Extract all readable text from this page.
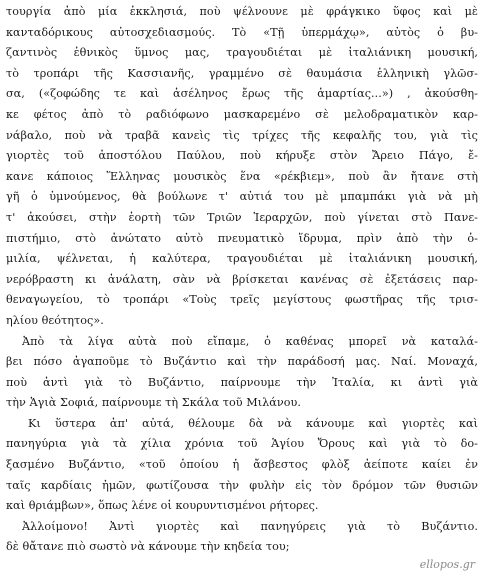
τουργία ἀπὸ μία ἐκκλησιά, ποὺ ψέλνουνε μὲ φράγκικο ὕφος καὶ μὲ
κανταδόρικους αὐτοσχεδιασμούς. Τὸ «Τῇ ὑπερμάχῳ», αὐτὸς ὁ βυ-
ζαντινὸς ἐθνικὸς ὕμνος μας, τραγουδιέται μὲ ἰταλιάνικη μουσική,
τὸ τροπάρι τῆς Κασσιανῆς, γραμμένο σὲ θαυμάσια ἑλληνικὴ γλῶσ-
σα, («ζοφώδης τε καὶ ἀσέληνος ἔρως τῆς ἁμαρτίας...») , ἀκούσθη-
κε φέτος ἀπὸ τὸ ραδιόφωνο μασκαρεμένο σὲ μελοδραματικὸν καρ-
νάβαλο, ποὺ νὰ τραβᾶ κανεὶς τὶς τρίχες τῆς κεφαλῆς του, γιὰ τὶς
γιορτὲς τοῦ ἀποστόλου Παύλου, ποὺ κήρυξε στὸν Ἄρειο Πάγο, ἔ-
κανε κάποιος Ἕλληνας μουσικὸς ἕνα «ρέκβιεμ», ποὺ ἂν ἤτανε στὴ
γῆ ὁ ὑμνούμενος, θὰ βούλωνε τ' αὐτιά του μὲ μπαμπάκι γιὰ νὰ μὴ
τ' ἀκούσει, στὴν ἑορτὴ τῶν Τριῶν Ἱεραρχῶν, ποὺ γίνεται στὸ Πανε-
πιστήμιο, στὸ ἀνώτατο αὐτὸ πνευματικὸ ἵδρυμα, πρὶν ἀπὸ τὴν ὁ-
μιλία, ψέλνεται, ἡ καλύτερα, τραγουδιέται μὲ ἰταλιάνικη μουσική,
νερόβραστη κι ἀνάλατη, σὰν νὰ βρίσκεται κανένας σὲ ἐξετάσεις παρ-
θεναγωγείου, τὸ τροπάρι «Τοὺς τρεῖς μεγίστους φωστῆρας τῆς τρισ-
ηλίου θεότητος».
Ἀπὸ τὰ λίγα αὐτὰ ποὺ εἴπαμε, ὁ καθένας μπορεῖ νὰ καταλά-
βει πόσο ἀγαποῦμε τὸ Βυζάντιο καὶ τὴν παράδοσή μας. Ναί. Μοναχά,
ποὺ ἀντὶ γιὰ τὸ Βυζάντιο, παίρνουμε τὴν Ἰταλία, κι ἀντὶ γιὰ
τὴν Ἁγιὰ Σοφιά, παίρνουμε τὴ Σκάλα τοῦ Μιλάνου.
Κι ὕστερα ἀπ' αὐτά, θέλουμε δὰ νὰ κάνουμε καὶ γιορτὲς καὶ
πανηγύρια γιὰ τὰ χίλια χρόνια τοῦ Ἁγίου Ὄρους καὶ γιὰ τὸ δο-
ξασμένο Βυζάντιο, «τοῦ ὁποίου ἡ ἄσβεστος φλὸξ ἀείποτε καίει ἐν
ταῖς καρδίαις ἡμῶν, φωτίζουσα τὴν φυλὴν εἰς τὸν δρόμον τῶν θυσιῶν
καὶ θριάμβων», ὅπως λένε οἱ κουρυντισμένοι ρήτορες.
Ἀλλοίμονο! Ἀντὶ γιορτὲς καὶ πανηγύρεις γιὰ τὸ Βυζάντιο.
δὲ θἄτανε πιὸ σωστὸ νὰ κάνουμε τὴν κηδεία του;
ellopos.gr
